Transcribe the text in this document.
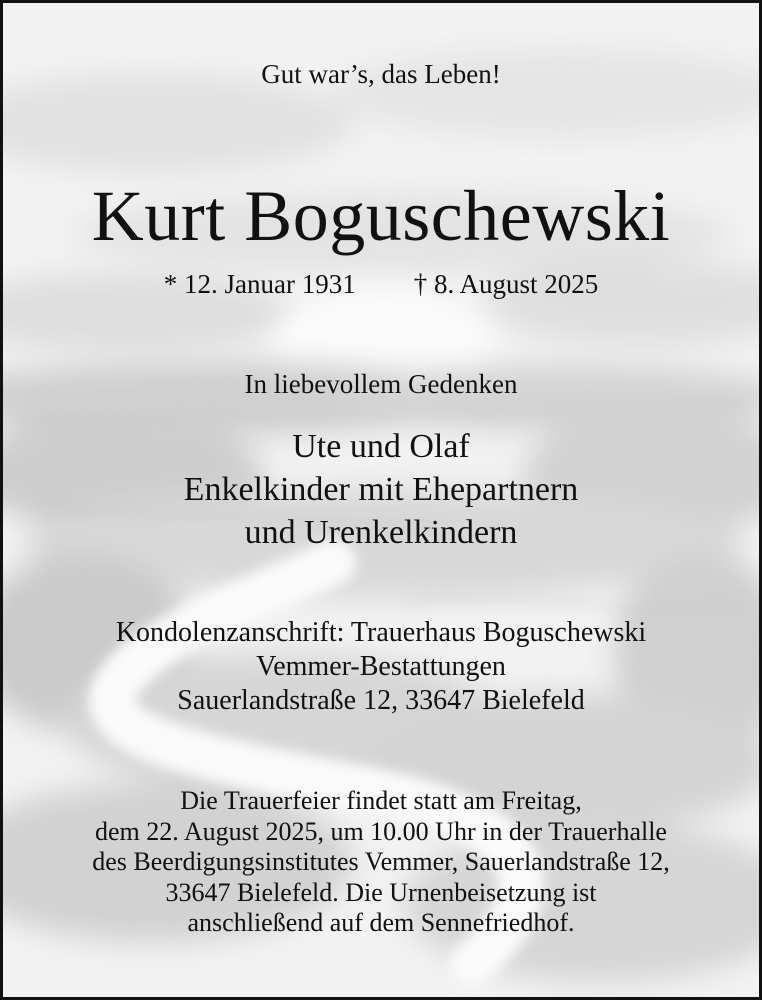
Gut war’s, das Leben!
Kurt Boguschewski
* 12. Januar 1931 † 8. August 2025
In liebevollem Gedenken
Ute und Olaf
Enkelkinder mit Ehepartnern
und Urenkelkindern
Kondolenzanschrift: Trauerhaus Boguschewski
Vemmer-Bestattungen
Sauerlandstraße 12, 33647 Bielefeld
Die Trauerfeier findet statt am Freitag,
dem 22. August 2025, um 10.00 Uhr in der Trauerhalle
des Beerdigungsinstitutes Vemmer, Sauerlandstraße 12,
33647 Bielefeld. Die Urnenbeisetzung ist
anschließend auf dem Sennefriedhof.
